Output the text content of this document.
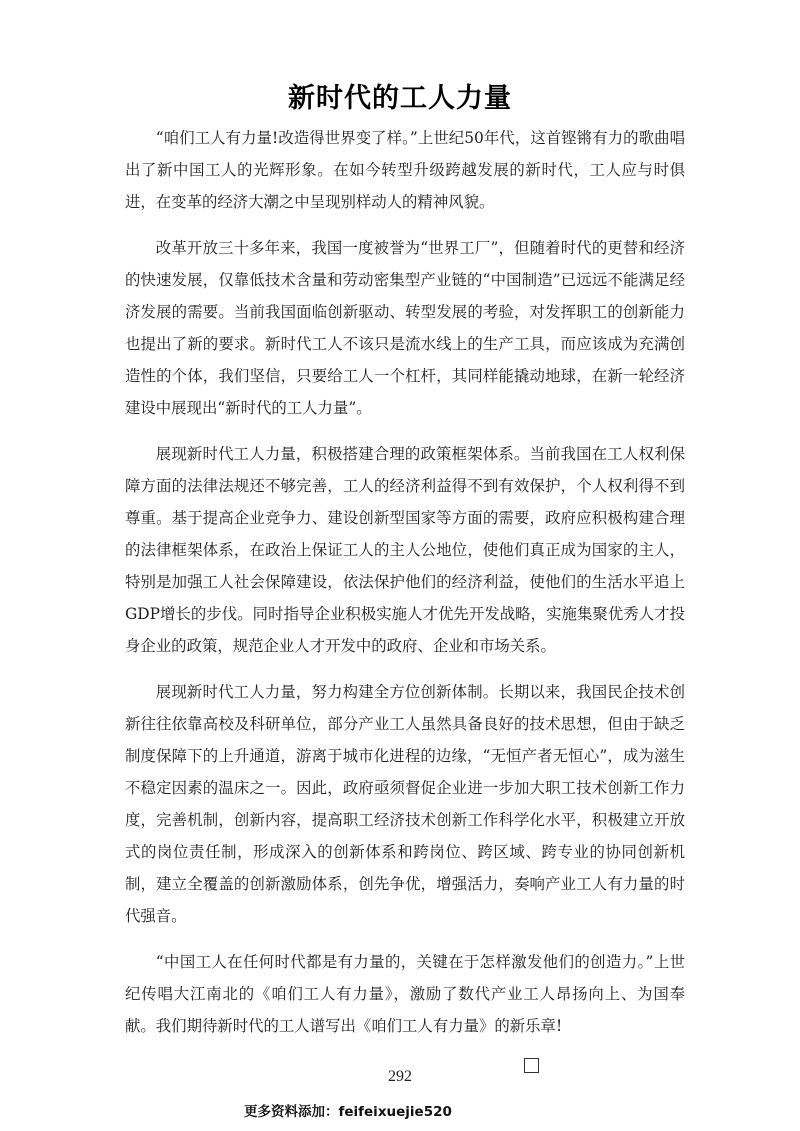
新时代的工人力量

“咱们工人有力量!改造得世界变了样。”上世纪50年代，这首铿锵有力的歌曲唱出了新中国工人的光辉形象。在如今转型升级跨越发展的新时代，工人应与时俱进，在变革的经济大潮之中呈现别样动人的精神风貌。

改革开放三十多年来，我国一度被誉为“世界工厂”，但随着时代的更替和经济的快速发展，仅靠低技术含量和劳动密集型产业链的“中国制造”已远远不能满足经济发展的需要。当前我国面临创新驱动、转型发展的考验，对发挥职工的创新能力也提出了新的要求。新时代工人不该只是流水线上的生产工具，而应该成为充满创造性的个体，我们坚信，只要给工人一个杠杆，其同样能撬动地球，在新一轮经济建设中展现出“新时代的工人力量”。

展现新时代工人力量，积极搭建合理的政策框架体系。当前我国在工人权利保障方面的法律法规还不够完善，工人的经济利益得不到有效保护，个人权利得不到尊重。基于提高企业竞争力、建设创新型国家等方面的需要，政府应积极构建合理的法律框架体系，在政治上保证工人的主人公地位，使他们真正成为国家的主人，特别是加强工人社会保障建设，依法保护他们的经济利益，使他们的生活水平追上GDP增长的步伐。同时指导企业积极实施人才优先开发战略，实施集聚优秀人才投身企业的政策，规范企业人才开发中的政府、企业和市场关系。

展现新时代工人力量，努力构建全方位创新体制。长期以来，我国民企技术创新往往依靠高校及科研单位，部分产业工人虽然具备良好的技术思想，但由于缺乏制度保障下的上升通道，游离于城市化进程的边缘，“无恒产者无恒心”，成为滋生不稳定因素的温床之一。因此，政府亟须督促企业进一步加大职工技术创新工作力度，完善机制，创新内容，提高职工经济技术创新工作科学化水平，积极建立开放式的岗位责任制，形成深入的创新体系和跨岗位、跨区域、跨专业的协同创新机制，建立全覆盖的创新激励体系，创先争优，增强活力，奏响产业工人有力量的时代强音。

“中国工人在任何时代都是有力量的，关键在于怎样激发他们的创造力。”上世纪传唱大江南北的《咱们工人有力量》，激励了数代产业工人昂扬向上、为国奉献。我们期待新时代的工人谱写出《咱们工人有力量》的新乐章!

292
更多资料添加：feifeixuejie520
